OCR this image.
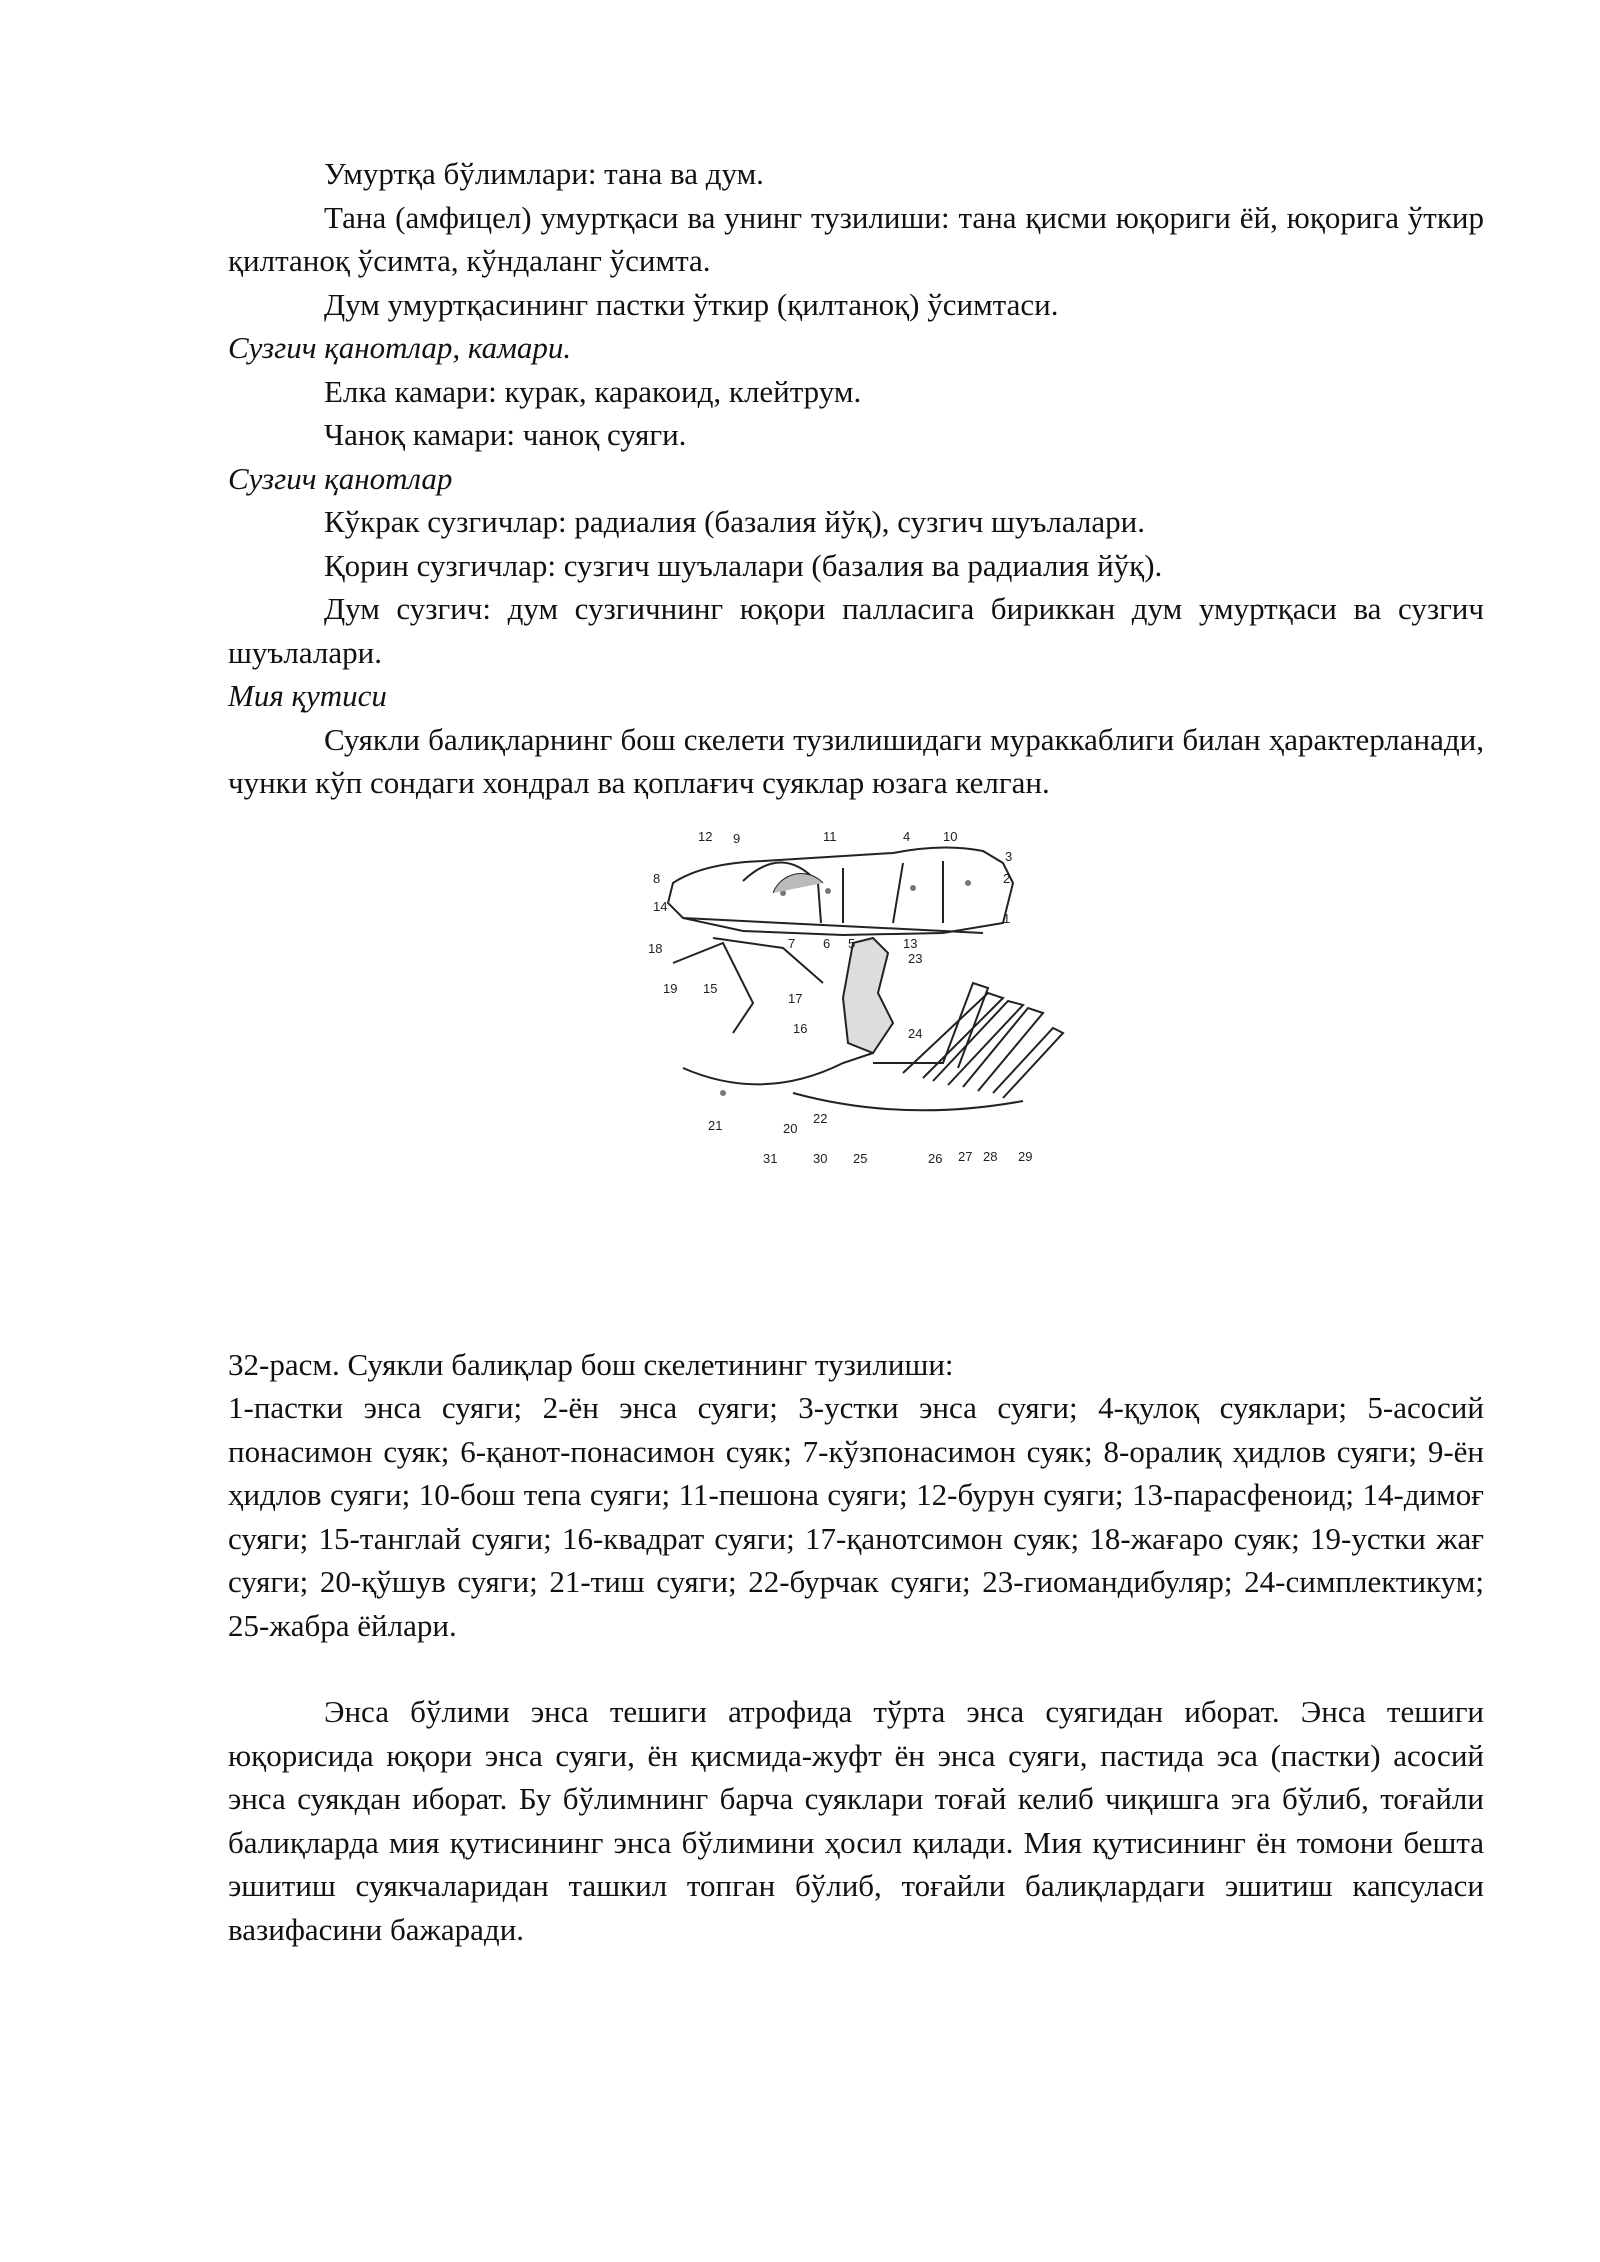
Умуртқа бўлимлари: тана ва дум.

Тана (амфицел) умуртқаси ва унинг тузилиши: тана қисми юқориги ёй, юқорига ўткир қилтаноқ ўсимта, кўндаланг ўсимта.

Дум умуртқасининг пастки ўткир (қилтаноқ) ўсимтаси.

Сузгич қанотлар, камари.

Елка камари: курак, каракоид, клейтрум.

Чаноқ камари: чаноқ суяги.

Сузгич қанотлар

Кўкрак сузгичлар: радиалия (базалия йўқ), сузгич шуълалари.

Қорин сузгичлар: сузгич шуълалари (базалия ва радиалия йўқ).

Дум сузгич: дум сузгичнинг юқори палласига бириккан дум умуртқаси ва сузгич шуълалари.

Мия қутиси

Суякли балиқларнинг бош скелети тузилишидаги мураккаблиги билан ҳарактерланади, чунки кўп сондаги хондрал ва қоплағич суяклар юзага келган.

1
2
3
4
5
6
7
8
9	10
11
12
13
14
15
16
17
18
19
20
21	22
23
24
25	26 27 28 29
30
31

32-расм. Суякли балиқлар бош скелетининг тузилиши:

1-пастки энса суяги; 2-ён энса суяги; 3-устки энса суяги; 4-қулоқ суяклари; 5-асосий понасимон суяк; 6-қанот-понасимон суяк; 7-кўзпонасимон суяк; 8-оралиқ ҳидлов суяги; 9-ён ҳидлов суяги; 10-бош тепа суяги; 11-пешона суяги; 12-бурун суяги; 13-парасфеноид; 14-димоғ суяги; 15-танглай суяги; 16-квадрат суяги; 17-қанотсимон суяк; 18-жағаро суяк; 19-устки жағ суяги; 20-қўшув суяги; 21-тиш суяги; 22-бурчак суяги; 23-гиомандибуляр; 24-симплектикум; 25-жабра ёйлари.

Энса бўлими энса тешиги атрофида тўрта энса суягидан иборат. Энса тешиги юқорисида юқори энса суяги, ён қисмида-жуфт ён энса суяги, пастида эса (пастки) асосий энса суякдан иборат. Бу бўлимнинг барча суяклари тоғай келиб чиқишга эга бўлиб, тоғайли балиқларда мия қутисининг энса бўлимини ҳосил қилади. Мия қутисининг ён томони бешта эшитиш суякчаларидан ташкил топган бўлиб, тоғайли балиқлардаги эшитиш капсуласи вазифасини бажаради.
